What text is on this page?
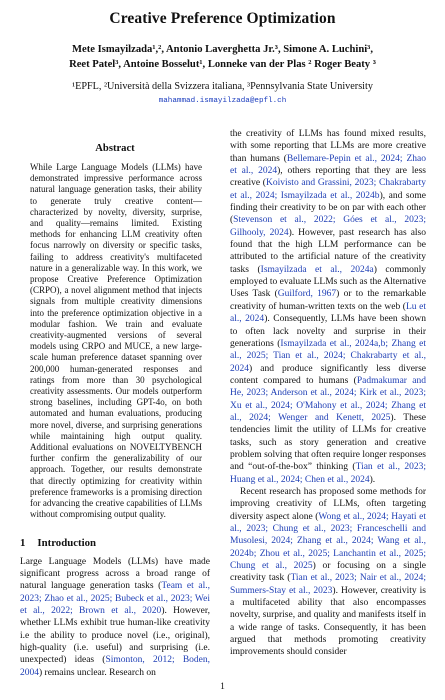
Creative Preference Optimization
Mete Ismayilzada¹,², Antonio Laverghetta Jr.³, Simone A. Luchini³,
Reet Patel³, Antoine Bosselut¹, Lonneke van der Plas ² Roger Beaty ³
¹EPFL, ²Università della Svizzera italiana, ³Pennsylvania State University
mahammad.ismayilzada@epfl.ch
Abstract
While Large Language Models (LLMs) have demonstrated impressive performance across natural language generation tasks, their ability to generate truly creative content—characterized by novelty, diversity, surprise, and quality—remains limited. Existing methods for enhancing LLM creativity often focus narrowly on diversity or specific tasks, failing to address creativity's multifaceted nature in a generalizable way. In this work, we propose Creative Preference Optimization (CRPO), a novel alignment method that injects signals from multiple creativity dimensions into the preference optimization objective in a modular fashion. We train and evaluate creativity-augmented versions of several models using CRPO and MUCE, a new large-scale human preference dataset spanning over 200,000 human-generated responses and ratings from more than 30 psychological creativity assessments. Our models outperform strong baselines, including GPT-4o, on both automated and human evaluations, producing more novel, diverse, and surprising generations while maintaining high output quality. Additional evaluations on NOVELTYBENCH further confirm the generalizability of our approach. Together, our results demonstrate that directly optimizing for creativity within preference frameworks is a promising direction for advancing the creative capabilities of LLMs without compromising output quality.
1 Introduction

Large Language Models (LLMs) have made significant progress across a broad range of natural language generation tasks (Team et al., 2023; Zhao et al., 2025; Bubeck et al., 2023; Wei et al., 2022; Brown et al., 2020). However, whether LLMs exhibit true human-like creativity i.e the ability to produce novel (i.e., original), high-quality (i.e. useful) and surprising (i.e. unexpected) ideas (Simonton, 2012; Boden, 2004) remains unclear. Research on

the creativity of LLMs has found mixed results, with some reporting that LLMs are more creative than humans (Bellemare-Pepin et al., 2024; Zhao et al., 2024), others reporting that they are less creative (Koivisto and Grassini, 2023; Chakrabarty et al., 2024; Ismayilzada et al., 2024b), and some finding their creativity to be on par with each other (Stevenson et al., 2022; Góes et al., 2023; Gilhooly, 2024). However, past research has also found that the high LLM performance can be attributed to the artificial nature of the creativity tasks (Ismayilzada et al., 2024a) commonly employed to evaluate LLMs such as the Alternative Uses Task (Guilford, 1967) or to the remarkable creativity of human-written texts on the web (Lu et al., 2024). Consequently, LLMs have been shown to often lack novelty and surprise in their generations (Ismayilzada et al., 2024a,b; Zhang et al., 2025; Tian et al., 2024; Chakrabarty et al., 2024) and produce significantly less diverse content compared to humans (Padmakumar and He, 2023; Anderson et al., 2024; Kirk et al., 2023; Xu et al., 2024; O'Mahony et al., 2024; Zhang et al., 2024; Wenger and Kenett, 2025). These tendencies limit the utility of LLMs for creative tasks, such as story generation and creative problem solving that often require longer responses and “out-of-the-box” thinking (Tian et al., 2023; Huang et al., 2024; Chen et al., 2024).

Recent research has proposed some methods for improving creativity of LLMs, often targeting diversity aspect alone (Wong et al., 2024; Hayati et al., 2023; Chung et al., 2023; Franceschelli and Musolesi, 2024; Zhang et al., 2024; Wang et al., 2024b; Zhou et al., 2025; Lanchantin et al., 2025; Chung et al., 2025) or focusing on a single creativity task (Tian et al., 2023; Nair et al., 2024; Summers-Stay et al., 2023). However, creativity is a multifaceted ability that also encompasses novelty, surprise, and quality and manifests itself in a wide range of tasks. Consequently, it has been argued that methods promoting creativity improvements should consider

1
